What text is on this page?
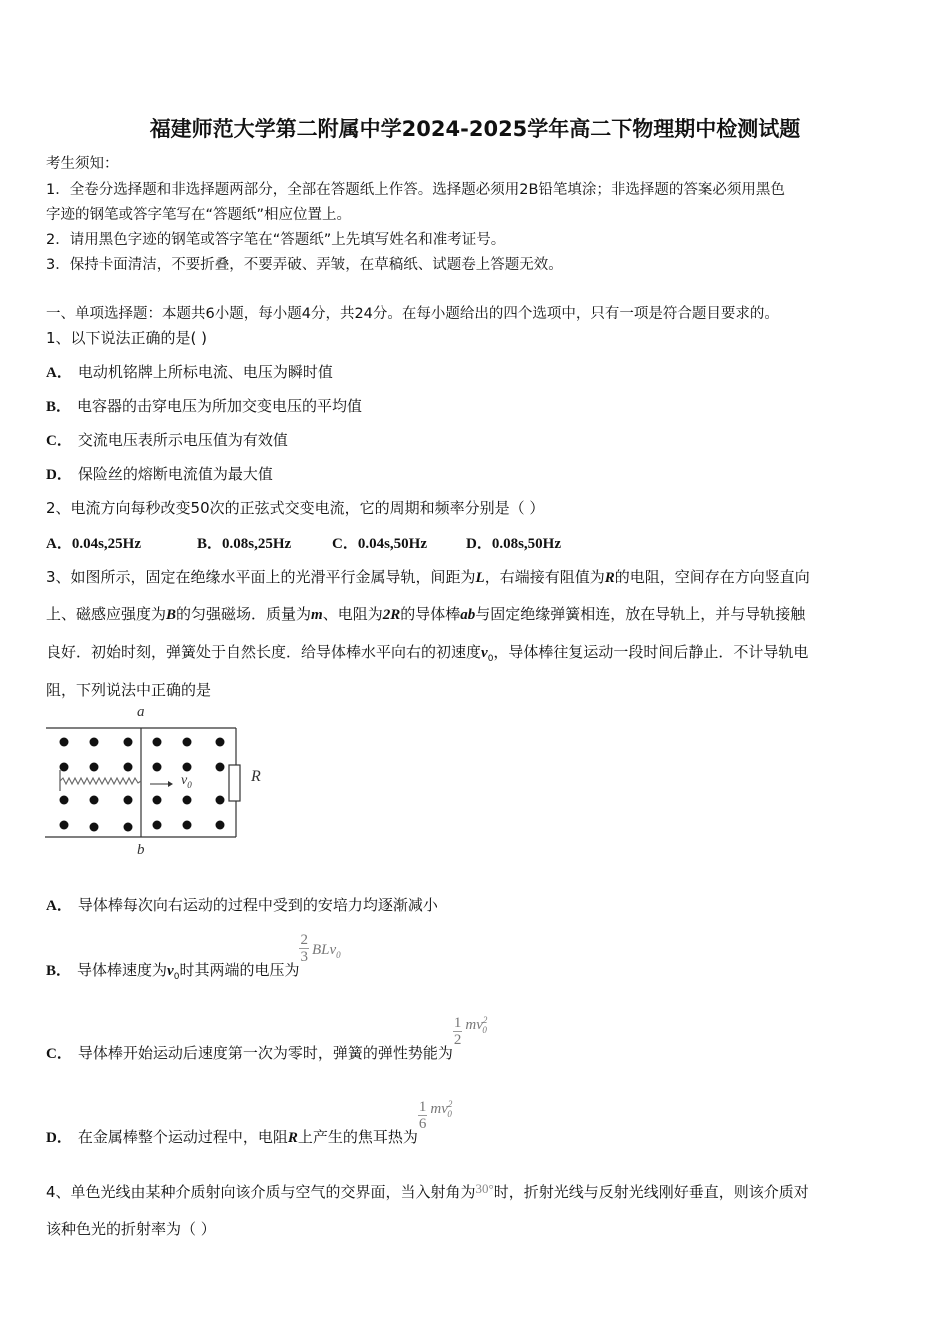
福建师范大学第二附属中学2024-2025学年高二下物理期中检测试题
考生须知：
1．全卷分选择题和非选择题两部分，全部在答题纸上作答。选择题必须用2B铅笔填涂；非选择题的答案必须用黑色
字迹的钢笔或答字笔写在“答题纸”相应位置上。
2．请用黑色字迹的钢笔或答字笔在“答题纸”上先填写姓名和准考证号。
3．保持卡面清洁，不要折叠，不要弄破、弄皱，在草稿纸、试题卷上答题无效。
一、单项选择题：本题共6小题，每小题4分，共24分。在每小题给出的四个选项中，只有一项是符合题目要求的。
1、以下说法正确的是( )
A． 电动机铭牌上所标电流、电压为瞬时值
B． 电容器的击穿电压为所加交变电压的平均值
C． 交流电压表所示电压值为有效值
D． 保险丝的熔断电流值为最大值
2、电流方向每秒改变50次的正弦式交变电流，它的周期和频率分别是（ ）
A．0.04s,25Hz	B．0.08s,25Hz	C．0.04s,50Hz	D．0.08s,50Hz
3、如图所示，固定在绝缘水平面上的光滑平行金属导轨，间距为L，右端接有阻值为R的电阻，空间存在方向竖直向
上、磁感应强度为B的匀强磁场．质量为m、电阻为2R的导体棒ab与固定绝缘弹簧相连，放在导轨上，并与导轨接触
良好．初始时刻，弹簧处于自然长度．给导体棒水平向右的初速度$v_0$，导体棒往复运动一段时间后静止．不计导轨电
阻，下列说法中正确的是
a
b
$v_0$	R
A． 导体棒每次向右运动的过程中受到的安培力均逐渐减小
B． 导体棒速度为$v_0$时其两端的电压为
$\frac{2}{3} BLv_0$
C． 导体棒开始运动后速度第一次为零时，弹簧的弹性势能为
$\frac{1}{2} mv^2_0$
D． 在金属棒整个运动过程中，电阻R上产生的焦耳热为
$\frac{1}{6} mv^2_0$
4、单色光线由某种介质射向该介质与空气的交界面，当入射角为30°时，折射光线与反射光线刚好垂直，则该介质对
该种色光的折射率为（ ）
